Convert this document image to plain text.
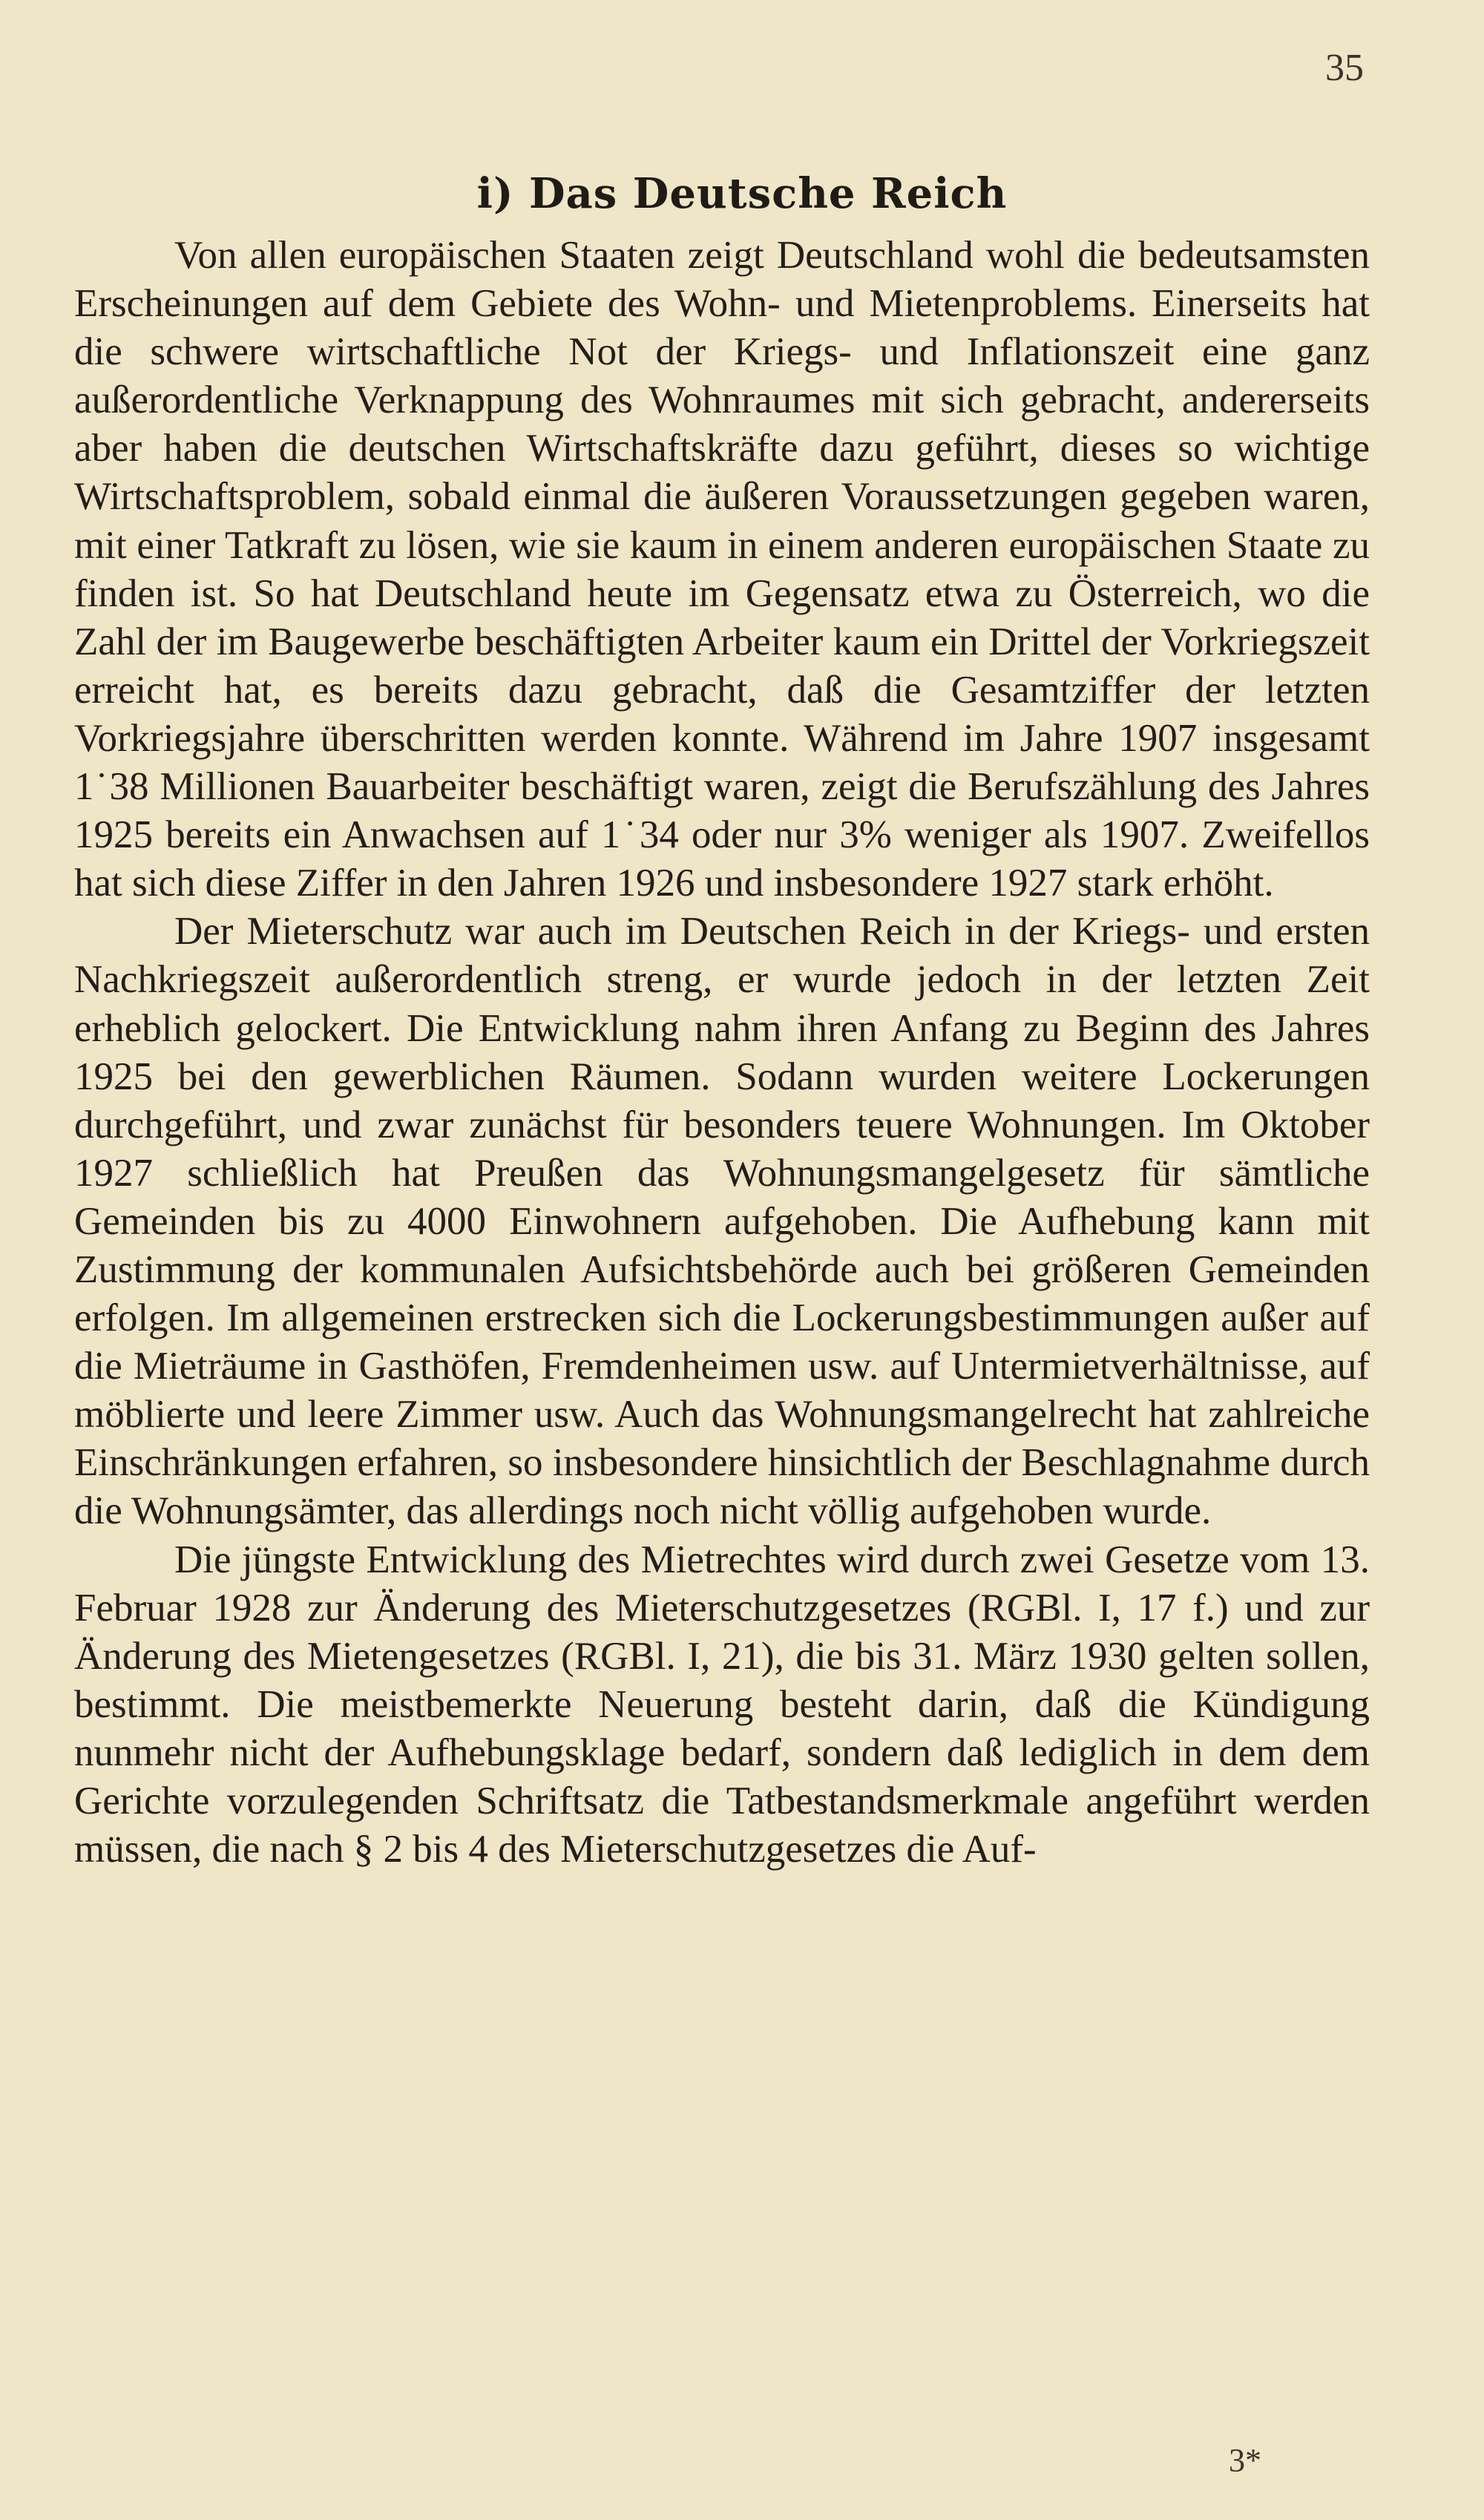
35
i) Das Deutsche Reich

Von allen europäischen Staaten zeigt Deutschland wohl die bedeutsamsten Erscheinungen auf dem Gebiete des Wohn- und Mietenproblems. Einerseits hat die schwere wirtschaftliche Not der Kriegs- und Inflationszeit eine ganz außerordentliche Verknappung des Wohnraumes mit sich gebracht, andererseits aber haben die deutschen Wirtschaftskräfte dazu geführt, dieses so wichtige Wirtschaftsproblem, sobald einmal die äußeren Voraussetzungen gegeben waren, mit einer Tatkraft zu lösen, wie sie kaum in einem anderen europäischen Staate zu finden ist. So hat Deutschland heute im Gegensatz etwa zu Österreich, wo die Zahl der im Baugewerbe beschäftigten Arbeiter kaum ein Drittel der Vorkriegszeit erreicht hat, es bereits dazu gebracht, daß die Gesamtziffer der letzten Vorkriegsjahre überschritten werden konnte. Während im Jahre 1907 insgesamt 1˙38 Millionen Bauarbeiter beschäftigt waren, zeigt die Berufszählung des Jahres 1925 bereits ein Anwachsen auf 1˙34 oder nur 3% weniger als 1907. Zweifellos hat sich diese Ziffer in den Jahren 1926 und insbesondere 1927 stark erhöht.

Der Mieterschutz war auch im Deutschen Reich in der Kriegs- und ersten Nachkriegszeit außerordentlich streng, er wurde jedoch in der letzten Zeit erheblich gelockert. Die Entwicklung nahm ihren Anfang zu Beginn des Jahres 1925 bei den gewerblichen Räumen. Sodann wurden weitere Lockerungen durchgeführt, und zwar zunächst für besonders teuere Wohnungen. Im Oktober 1927 schließlich hat Preußen das Wohnungsmangelgesetz für sämtliche Gemeinden bis zu 4000 Einwohnern aufgehoben. Die Aufhebung kann mit Zustimmung der kommunalen Aufsichtsbehörde auch bei größeren Gemeinden erfolgen. Im allgemeinen erstrecken sich die Lockerungsbestimmungen außer auf die Mieträume in Gasthöfen, Fremdenheimen usw. auf Untermietverhältnisse, auf möblierte und leere Zimmer usw. Auch das Wohnungsmangelrecht hat zahlreiche Einschränkungen erfahren, so insbesondere hinsichtlich der Beschlagnahme durch die Wohnungsämter, das allerdings noch nicht völlig aufgehoben wurde.

Die jüngste Entwicklung des Mietrechtes wird durch zwei Gesetze vom 13. Februar 1928 zur Änderung des Mieterschutzgesetzes (RGBl. I, 17 f.) und zur Änderung des Mietengesetzes (RGBl. I, 21), die bis 31. März 1930 gelten sollen, bestimmt. Die meistbemerkte Neuerung besteht darin, daß die Kündigung nunmehr nicht der Aufhebungsklage bedarf, sondern daß lediglich in dem dem Gerichte vorzulegenden Schriftsatz die Tatbestandsmerkmale angeführt werden müssen, die nach § 2 bis 4 des Mieterschutzgesetzes die Auf-

3*
